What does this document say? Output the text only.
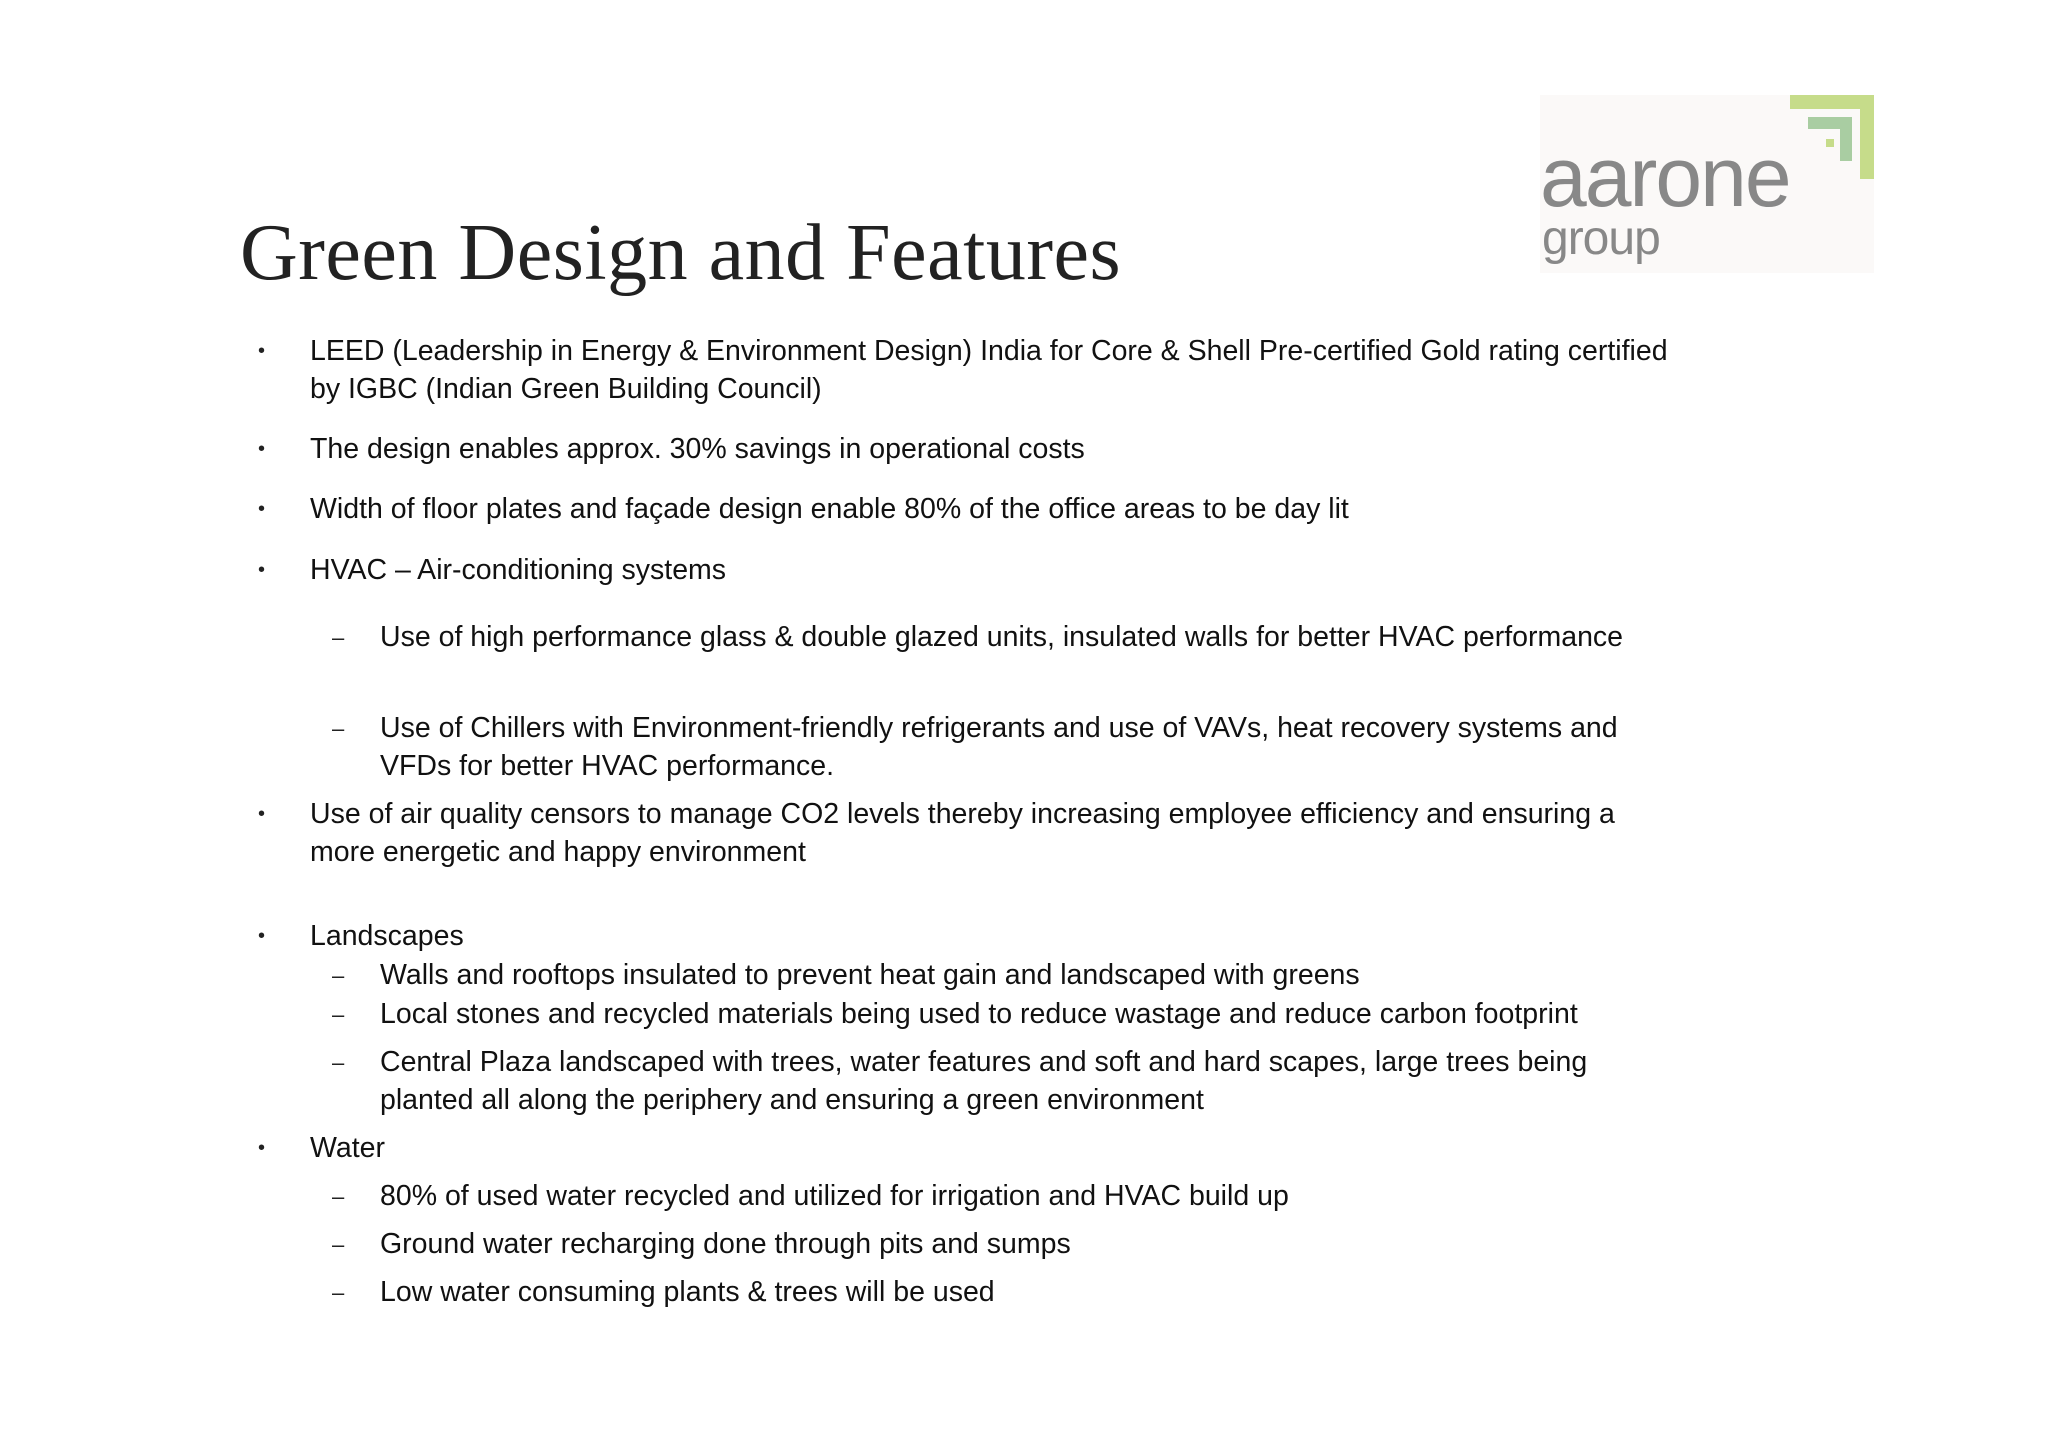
Green Design and Features
aarone
group
• LEED (Leadership in Energy & Environment Design) India for Core & Shell Pre-certified Gold rating certified by IGBC (Indian Green Building Council)
• The design enables approx. 30% savings in operational costs
• Width of floor plates and façade design enable 80% of the office areas to be day lit
• HVAC – Air-conditioning systems
– Use of high performance glass & double glazed units, insulated walls for better HVAC performance
– Use of Chillers with Environment-friendly refrigerants and use of VAVs, heat recovery systems and VFDs for better HVAC performance.
• Use of air quality censors to manage CO2 levels thereby increasing employee efficiency and ensuring a more energetic and happy environment
• Landscapes
– Walls and rooftops insulated to prevent heat gain and landscaped with greens
– Local stones and recycled materials being used to reduce wastage and reduce carbon footprint
– Central Plaza landscaped with trees, water features and soft and hard scapes, large trees being planted all along the periphery and ensuring a green environment
• Water
– 80% of used water recycled and utilized for irrigation and HVAC build up
– Ground water recharging done through pits and sumps
– Low water consuming plants & trees will be used
